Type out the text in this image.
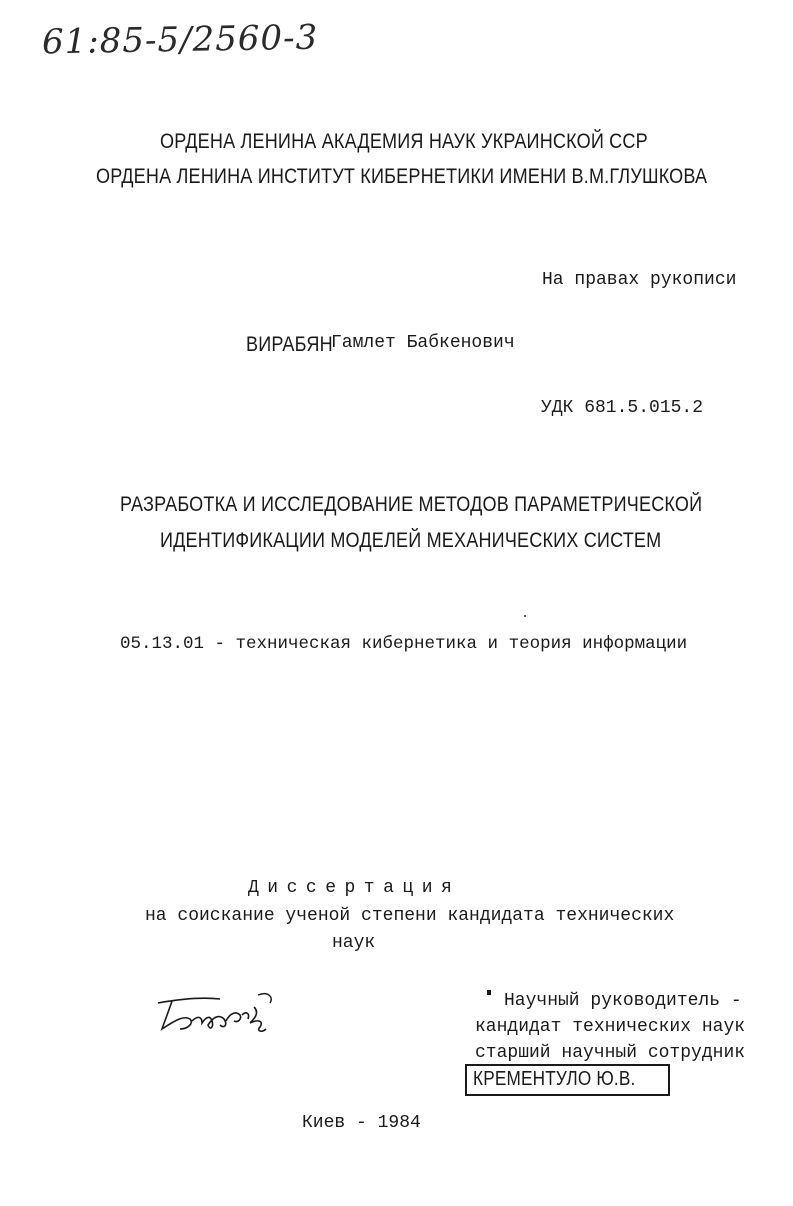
61:85-5/2560-3
ОРДЕНА ЛЕНИНА АКАДЕМИЯ НАУК УКРАИНСКОЙ ССР
ОРДЕНА ЛЕНИНА ИНСТИТУТ КИБЕРНЕТИКИ ИМЕНИ В.М.ГЛУШКОВА
На правах рукописи
ВИРАБЯН
Гамлет Бабкенович
УДК 681.5.015.2
РАЗРАБОТКА И ИССЛЕДОВАНИЕ МЕТОДОВ ПАРАМЕТРИЧЕСКОЙ
ИДЕНТИФИКАЦИИ МОДЕЛЕЙ МЕХАНИЧЕСКИХ СИСТЕМ
05.13.01 - техническая кибернетика и теория информации
Диссертация
на соискание ученой степени кандидата технических
наук
Научный руководитель -
кандидат технических наук
старший научный сотрудник
КРЕМЕНТУЛО Ю.В.
Киев - 1984
